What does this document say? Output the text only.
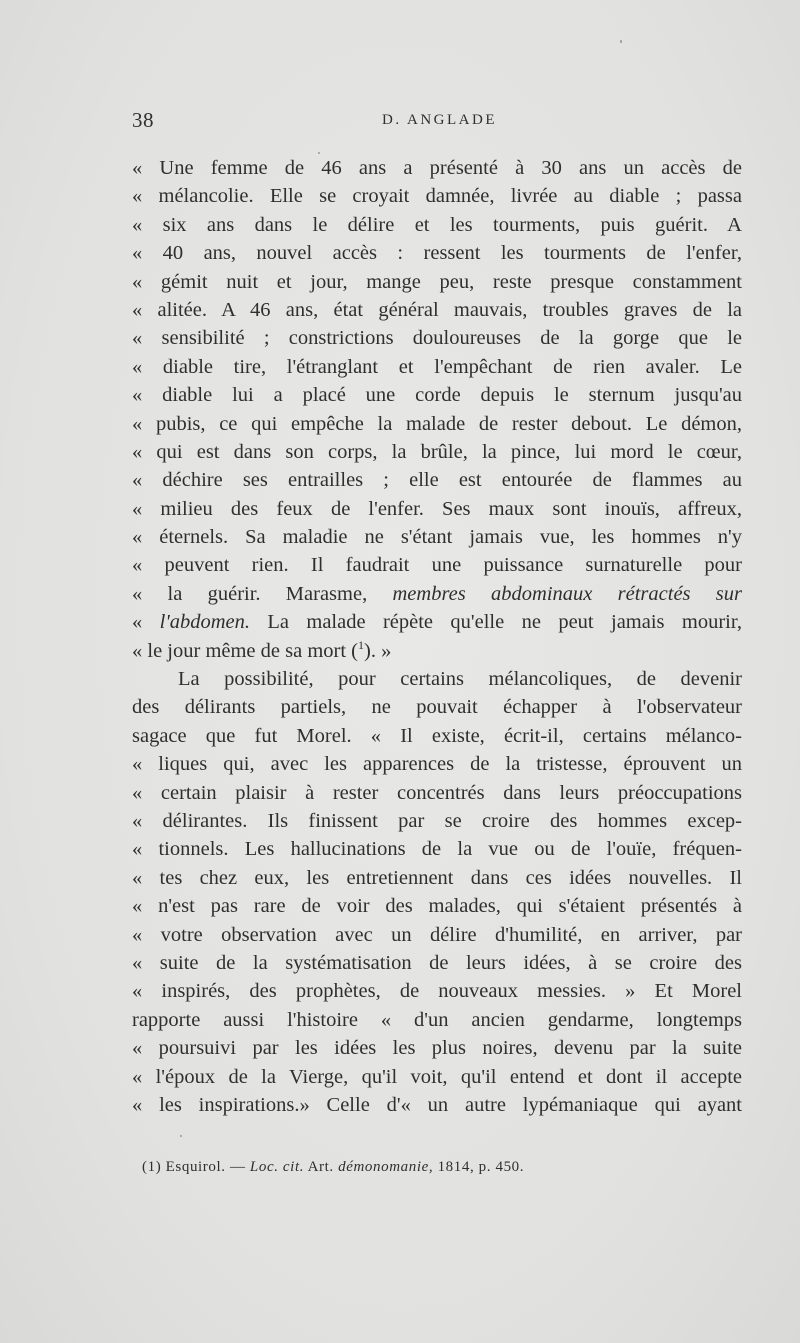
38	D. ANGLADE
« Une femme de 46 ans a présenté à 30 ans un accès de
« mélancolie. Elle se croyait damnée, livrée au diable ; passa
« six ans dans le délire et les tourments, puis guérit. A
« 40 ans, nouvel accès : ressent les tourments de l'enfer,
« gémit nuit et jour, mange peu, reste presque constamment
« alitée. A 46 ans, état général mauvais, troubles graves de la
« sensibilité ; constrictions douloureuses de la gorge que le
« diable tire, l'étranglant et l'empêchant de rien avaler. Le
« diable lui a placé une corde depuis le sternum jusqu'au
« pubis, ce qui empêche la malade de rester debout. Le démon,
« qui est dans son corps, la brûle, la pince, lui mord le cœur,
« déchire ses entrailles ; elle est entourée de flammes au
« milieu des feux de l'enfer. Ses maux sont inouïs, affreux,
« éternels. Sa maladie ne s'étant jamais vue, les hommes n'y
« peuvent rien. Il faudrait une puissance surnaturelle pour
« la guérir. Marasme, membres abdominaux rétractés sur
« l'abdomen. La malade répète qu'elle ne peut jamais mourir,
« le jour même de sa mort ($^1$). »
La possibilité, pour certains mélancoliques, de devenir
des délirants partiels, ne pouvait échapper à l'observateur
sagace que fut Morel. « Il existe, écrit-il, certains mélanco-
« liques qui, avec les apparences de la tristesse, éprouvent un
« certain plaisir à rester concentrés dans leurs préoccupations
« délirantes. Ils finissent par se croire des hommes excep-
« tionnels. Les hallucinations de la vue ou de l'ouïe, fréquen-
« tes chez eux, les entretiennent dans ces idées nouvelles. Il
« n'est pas rare de voir des malades, qui s'étaient présentés à
« votre observation avec un délire d'humilité, en arriver, par
« suite de la systématisation de leurs idées, à se croire des
« inspirés, des prophètes, de nouveaux messies. » Et Morel
rapporte aussi l'histoire « d'un ancien gendarme, longtemps
« poursuivi par les idées les plus noires, devenu par la suite
« l'époux de la Vierge, qu'il voit, qu'il entend et dont il accepte
« les inspirations.» Celle d'« un autre lypémaniaque qui ayant
(1) Esquirol. — Loc. cit. Art. démonomanie, 1814, p. 450.
